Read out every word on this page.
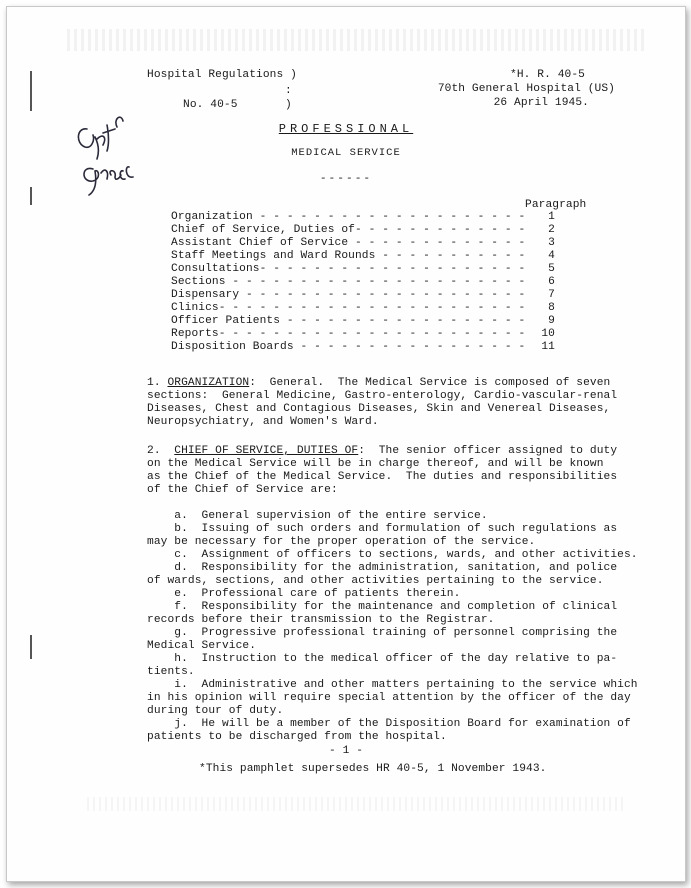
Hospital Regulations )
:
No. 40-5	)
*H. R. 40-5
70th General Hospital (US)
26 April 1945.
PROFESSIONAL
MEDICAL SERVICE
------
Paragraph
Organization - - - - - - - - - - - - - - - - - - - -	1
Chief of Service, Duties of- - - - - - - - - - - - -	2
Assistant Chief of Service - - - - - - - - - - - - -	3
Staff Meetings and Ward Rounds - - - - - - - - - - -	4
Consultations- - - - - - - - - - - - - - - - - - - -	5
Sections - - - - - - - - - - - - - - - - - - - - - -	6
Dispensary - - - - - - - - - - - - - - - - - - - - -	7
Clinics- - - - - - - - - - - - - - - - - - - - - - -	8
Officer Patients - - - - - - - - - - - - - - - - - -	9
Reports- - - - - - - - - - - - - - - - - - - - - - -	10
Disposition Boards - - - - - - - - - - - - - - - - -	11
1. ORGANIZATION:  General.  The Medical Service is composed of seven
sections:  General Medicine, Gastro-enterology, Cardio-vascular-renal
Diseases, Chest and Contagious Diseases, Skin and Venereal Diseases,
Neuropsychiatry, and Women's Ward.
2. CHIEF OF SERVICE, DUTIES OF:  The senior officer assigned to duty
on the Medical Service will be in charge thereof, and will be known
as the Chief of the Medical Service.  The duties and responsibilities
of the Chief of Service are:
a.  General supervision of the entire service.
b.  Issuing of such orders and formulation of such regulations as
may be necessary for the proper operation of the service.
c.  Assignment of officers to sections, wards, and other activities.
d.  Responsibility for the administration, sanitation, and police
of wards, sections, and other activities pertaining to the service.
e.  Professional care of patients therein.
f.  Responsibility for the maintenance and completion of clinical
records before their transmission to the Registrar.
g.  Progressive professional training of personnel comprising the
Medical Service.
h.  Instruction to the medical officer of the day relative to pa-
tients.
i.  Administrative and other matters pertaining to the service which
in his opinion will require special attention by the officer of the day
during tour of duty.
j.  He will be a member of the Disposition Board for examination of
patients to be discharged from the hospital.
- 1 -
*This pamphlet supersedes HR 40-5, 1 November 1943.
